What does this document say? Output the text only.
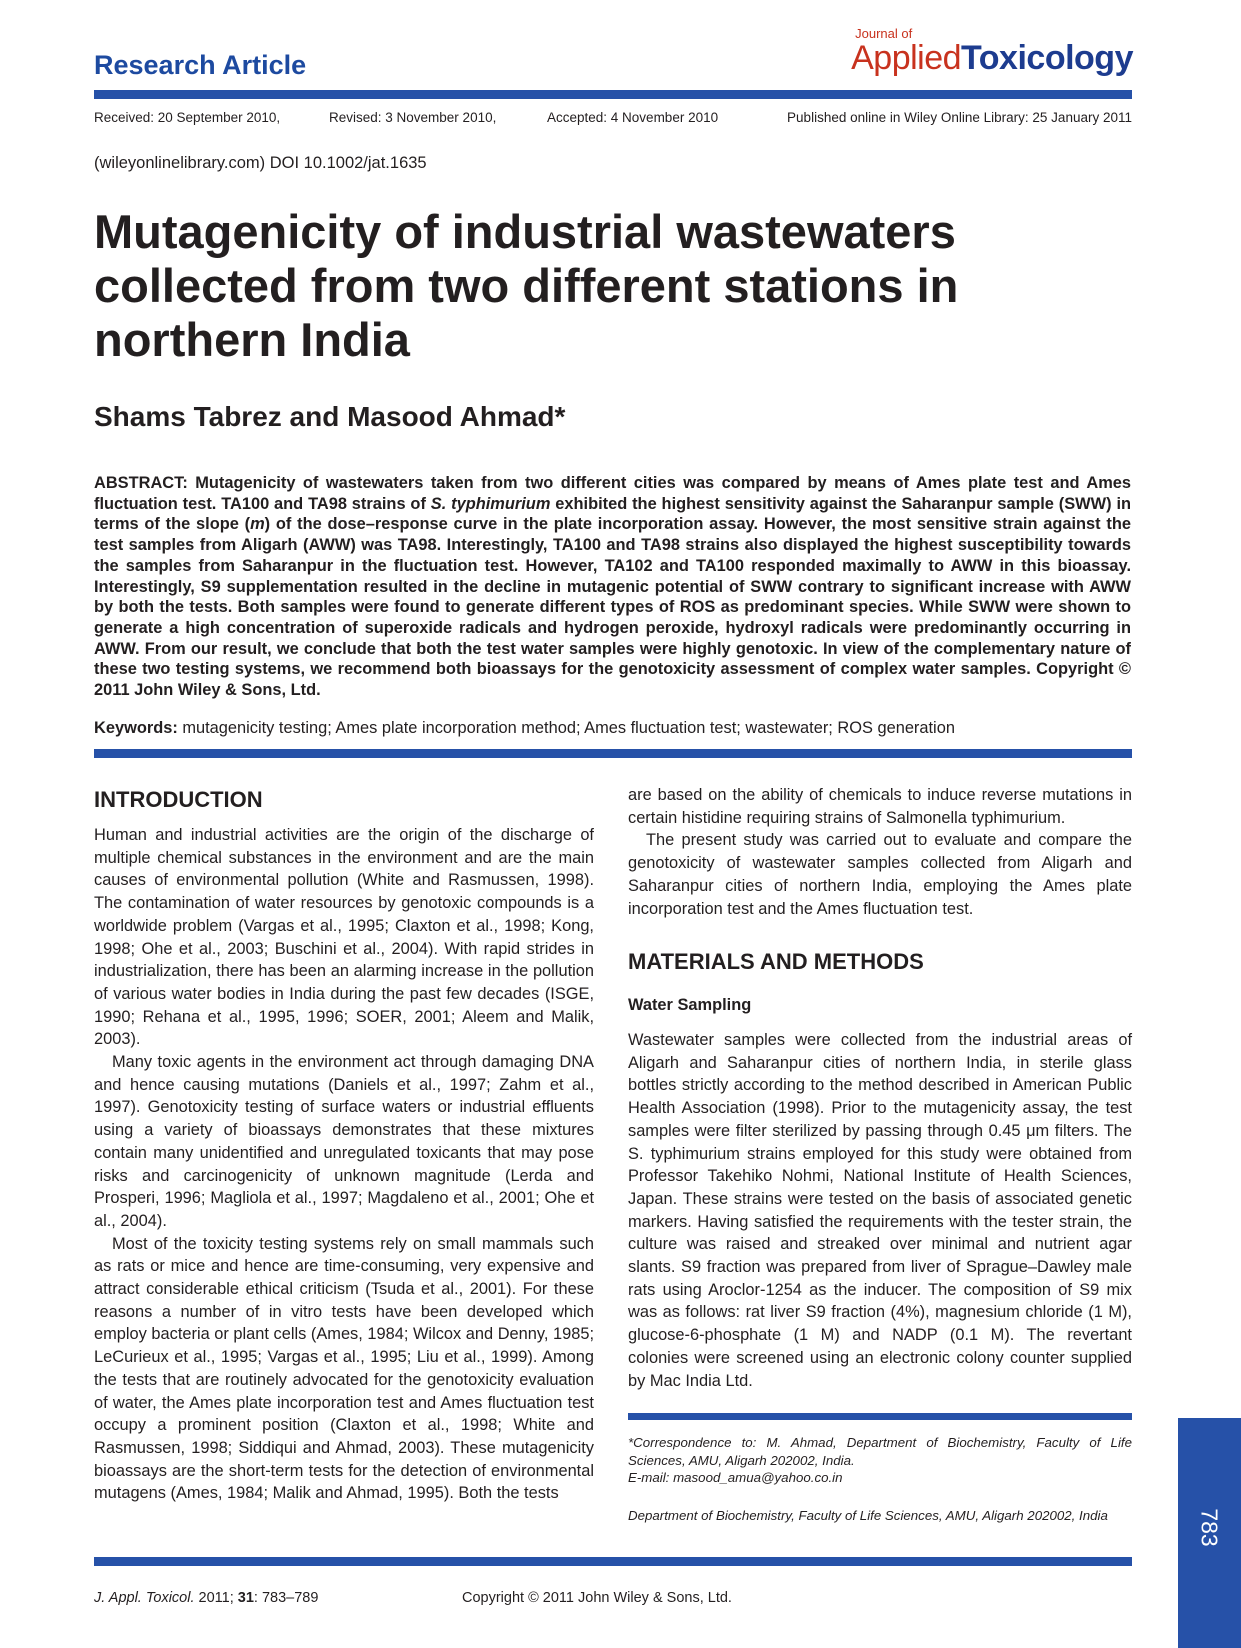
Research Article
Journal of
AppliedToxicology
Received: 20 September 2010,	Revised: 3 November 2010,	Accepted: 4 November 2010	Published online in Wiley Online Library: 25 January 2011
(wileyonlinelibrary.com) DOI 10.1002/jat.1635
Mutagenicity of industrial wastewaters
collected from two different stations in
northern India
Shams Tabrez and Masood Ahmad*

ABSTRACT: Mutagenicity of wastewaters taken from two different cities was compared by means of Ames plate test and Ames fluctuation test. TA100 and TA98 strains of S. typhimurium exhibited the highest sensitivity against the Saharanpur sample (SWW) in terms of the slope (m) of the dose–response curve in the plate incorporation assay. However, the most sensitive strain against the test samples from Aligarh (AWW) was TA98. Interestingly, TA100 and TA98 strains also displayed the highest susceptibility towards the samples from Saharanpur in the fluctuation test. However, TA102 and TA100 responded maximally to AWW in this bioassay. Interestingly, S9 supplementation resulted in the decline in mutagenic potential of SWW contrary to significant increase with AWW by both the tests. Both samples were found to generate different types of ROS as predominant species. While SWW were shown to generate a high concentration of superoxide radicals and hydrogen peroxide, hydroxyl radicals were predominantly occurring in AWW. From our result, we conclude that both the test water samples were highly genotoxic. In view of the complementary nature of these two testing systems, we recommend both bioassays for the genotoxicity assessment of complex water samples. Copyright © 2011 John Wiley & Sons, Ltd.

Keywords: mutagenicity testing; Ames plate incorporation method; Ames fluctuation test; wastewater; ROS generation
INTRODUCTION

Human and industrial activities are the origin of the discharge of multiple chemical substances in the environment and are the main causes of environmental pollution (White and Rasmussen, 1998). The contamination of water resources by genotoxic compounds is a worldwide problem (Vargas et al., 1995; Claxton et al., 1998; Kong, 1998; Ohe et al., 2003; Buschini et al., 2004). With rapid strides in industrialization, there has been an alarming increase in the pollution of various water bodies in India during the past few decades (ISGE, 1990; Rehana et al., 1995, 1996; SOER, 2001; Aleem and Malik, 2003).

Many toxic agents in the environment act through damaging DNA and hence causing mutations (Daniels et al., 1997; Zahm et al., 1997). Genotoxicity testing of surface waters or industrial effluents using a variety of bioassays demonstrates that these mixtures contain many unidentified and unregulated toxicants that may pose risks and carcinogenicity of unknown magnitude (Lerda and Prosperi, 1996; Magliola et al., 1997; Magdaleno et al., 2001; Ohe et al., 2004).

Most of the toxicity testing systems rely on small mammals such as rats or mice and hence are time-consuming, very expensive and attract considerable ethical criticism (Tsuda et al., 2001). For these reasons a number of in vitro tests have been developed which employ bacteria or plant cells (Ames, 1984; Wilcox and Denny, 1985; LeCurieux et al., 1995; Vargas et al., 1995; Liu et al., 1999). Among the tests that are routinely advocated for the genotoxicity evaluation of water, the Ames plate incorporation test and Ames fluctuation test occupy a prominent position (Claxton et al., 1998; White and Rasmussen, 1998; Siddiqui and Ahmad, 2003). These mutagenicity bioassays are the short-term tests for the detection of environmental mutagens (Ames, 1984; Malik and Ahmad, 1995). Both the tests

are based on the ability of chemicals to induce reverse mutations in certain histidine requiring strains of Salmonella typhimurium.

The present study was carried out to evaluate and compare the genotoxicity of wastewater samples collected from Aligarh and Saharanpur cities of northern India, employing the Ames plate incorporation test and the Ames fluctuation test.

MATERIALS AND METHODS
Water Sampling

Wastewater samples were collected from the industrial areas of Aligarh and Saharanpur cities of northern India, in sterile glass bottles strictly according to the method described in American Public Health Association (1998). Prior to the mutagenicity assay, the test samples were filter sterilized by passing through 0.45 μm filters. The S. typhimurium strains employed for this study were obtained from Professor Takehiko Nohmi, National Institute of Health Sciences, Japan. These strains were tested on the basis of associated genetic markers. Having satisfied the requirements with the tester strain, the culture was raised and streaked over minimal and nutrient agar slants. S9 fraction was prepared from liver of Sprague–Dawley male rats using Aroclor-1254 as the inducer. The composition of S9 mix was as follows: rat liver S9 fraction (4%), magnesium chloride (1 M), glucose-6-phosphate (1 M) and NADP (0.1 M). The revertant colonies were screened using an electronic colony counter supplied by Mac India Ltd.

*Correspondence to: M. Ahmad, Department of Biochemistry, Faculty of Life Sciences, AMU, Aligarh 202002, India.
E-mail: masood_amua@yahoo.co.in
Department of Biochemistry, Faculty of Life Sciences, AMU, Aligarh 202002, India	783
J. Appl. Toxicol. 2011; 31: 783–789	Copyright © 2011 John Wiley & Sons, Ltd.
